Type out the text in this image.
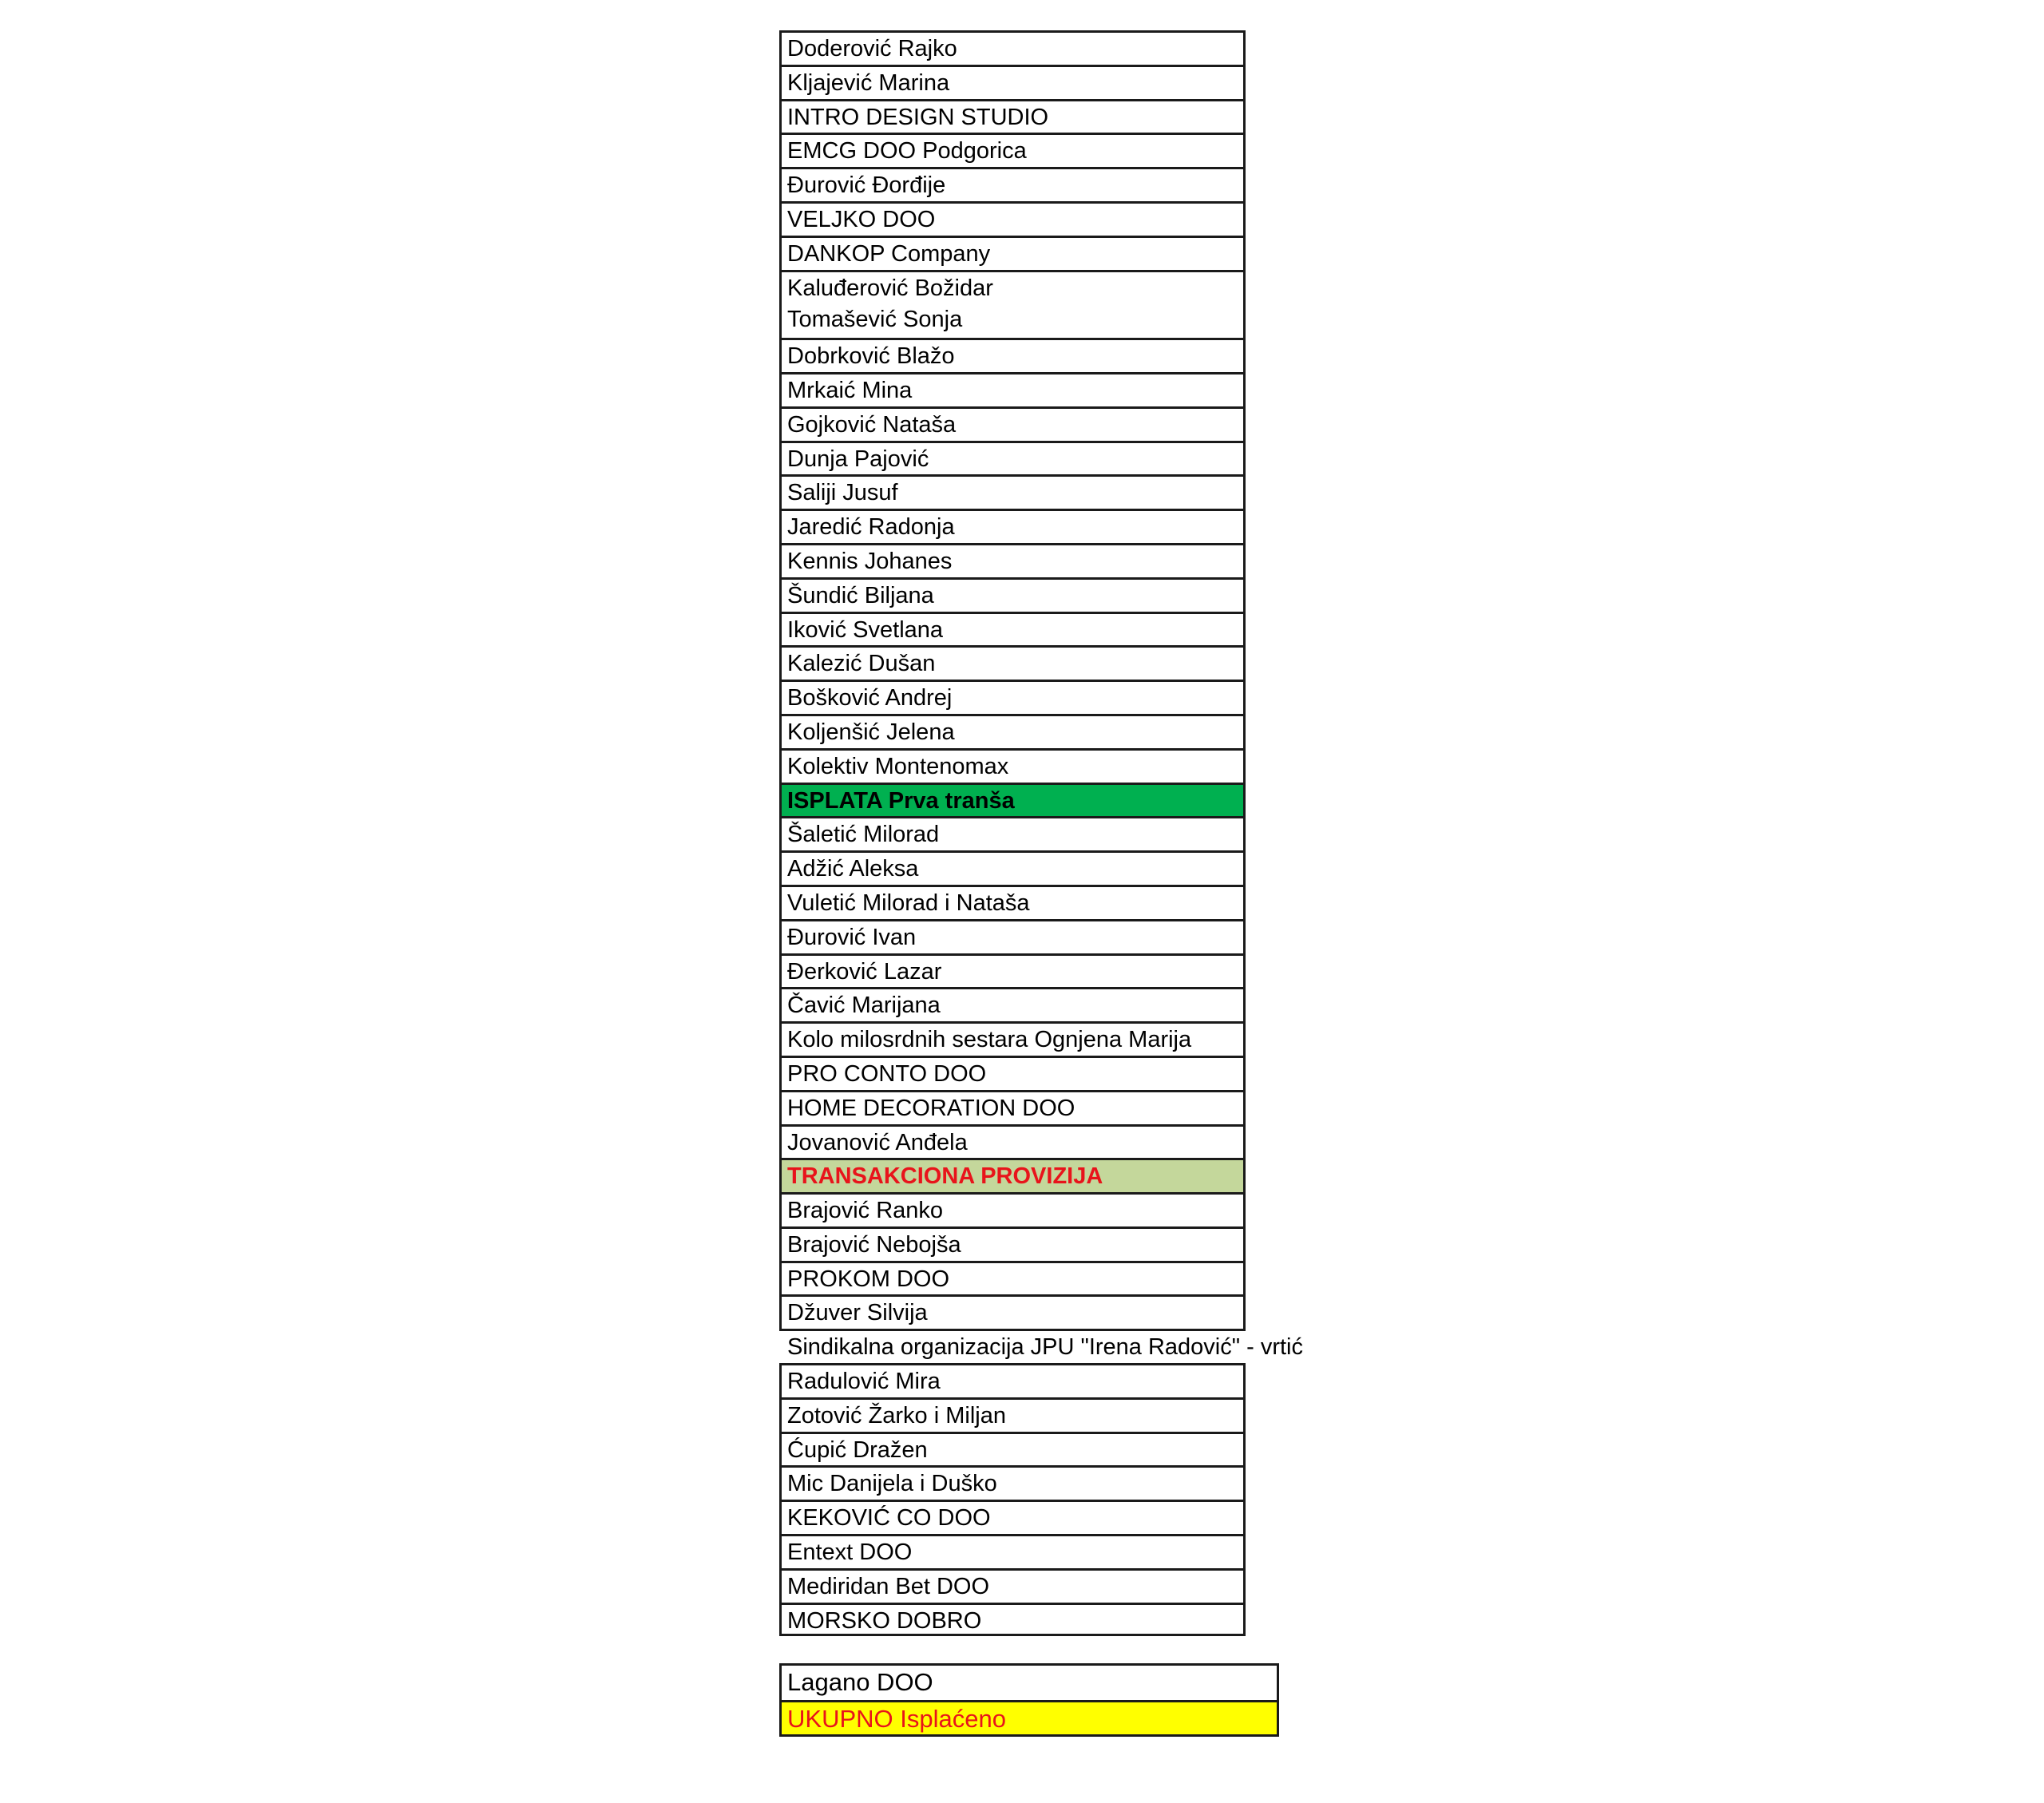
Doderović Rajko
Kljajević Marina
INTRO DESIGN STUDIO
EMCG DOO Podgorica
Đurović Đorđije
VELJKO DOO
DANKOP Company
Kaluđerović Božidar
Tomašević Sonja
Dobrković Blažo
Mrkaić Mina
Gojković Nataša
Dunja Pajović
Saliji Jusuf
Jaredić Radonja
Kennis Johanes
Šundić Biljana
Iković Svetlana
Kalezić Dušan
Bošković Andrej
Koljenšić Jelena
Kolektiv Montenomax
ISPLATA Prva tranša
Šaletić Milorad
Adžić Aleksa
Vuletić Milorad i Nataša
Đurović Ivan
Đerković Lazar
Čavić Marijana
Kolo milosrdnih sestara Ognjena Marija
PRO CONTO DOO
HOME DECORATION DOO
Jovanović Anđela
TRANSAKCIONA PROVIZIJA
Brajović Ranko
Brajović Nebojša
PROKOM DOO
Džuver Silvija
Sindikalna organizacija JPU "Irena Radović" - vrtić
Radulović Mira
Zotović Žarko i Miljan
Ćupić Dražen
Mic Danijela i Duško
KEKOVIĆ CO DOO
Entext DOO
Mediridan Bet DOO
MORSKO DOBRO
Lagano DOO
UKUPNO Isplaćeno
